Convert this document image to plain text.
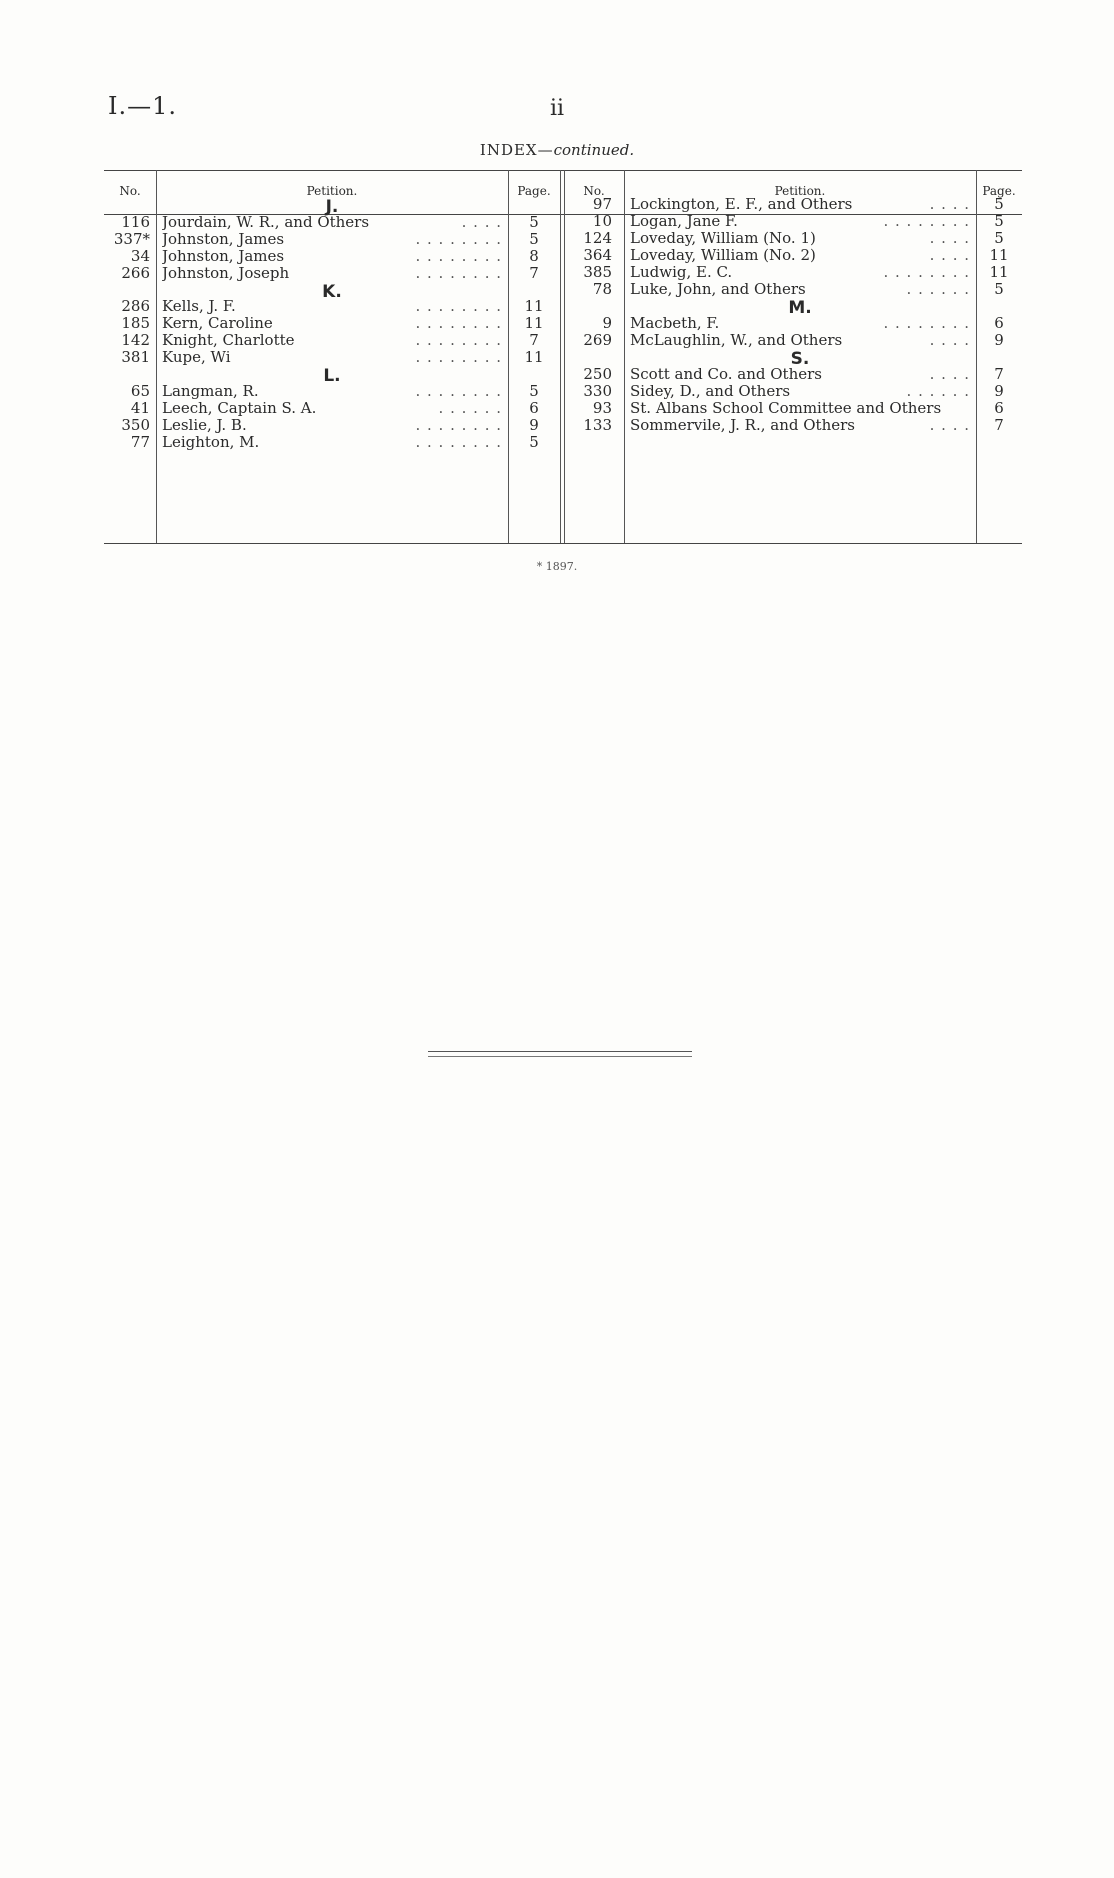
I.—1.	ii
INDEX—continued.
No.	Petition.	Page.	No.	Petition.	Page.
J.
116 Jourdain, W. R., and Others	. . . .	5
337* Johnston, James	. . . . . . . .	5
34 Johnston, James	. . . . . . . .	8
266 Johnston, Joseph	. . . . . . . .	7
K.
286 Kells, J. F.	. . . . . . . .	11
185 Kern, Caroline	. . . . . . . .	11
142 Knight, Charlotte	. . . . . . . .	7
381 Kupe, Wi	. . . . . . . .	11
L.
65 Langman, R.	. . . . . . . .	5
41 Leech, Captain S. A.	. . . . . .	6
350 Leslie, J. B.	. . . . . . . .	9
77 Leighton, M.	. . . . . . . .	5
97 Lockington, E. F., and Others	. . . .	5
10 Logan, Jane F.	. . . . . . . .	5
124 Loveday, William (No. 1)	. . . .	5
364 Loveday, William (No. 2)	. . . .	11
385 Ludwig, E. C.	. . . . . . . .	11
78 Luke, John, and Others	. . . . . .	5
M.
9 Macbeth, F.	. . . . . . . .	6
269 McLaughlin, W., and Others	. . . .	9
S.
250 Scott and Co. and Others	. . . .	7
330 Sidey, D., and Others	. . . . . .	9
93 St. Albans School Committee and Others	6
133 Sommervile, J. R., and Others	. . . .	7
* 1897.
